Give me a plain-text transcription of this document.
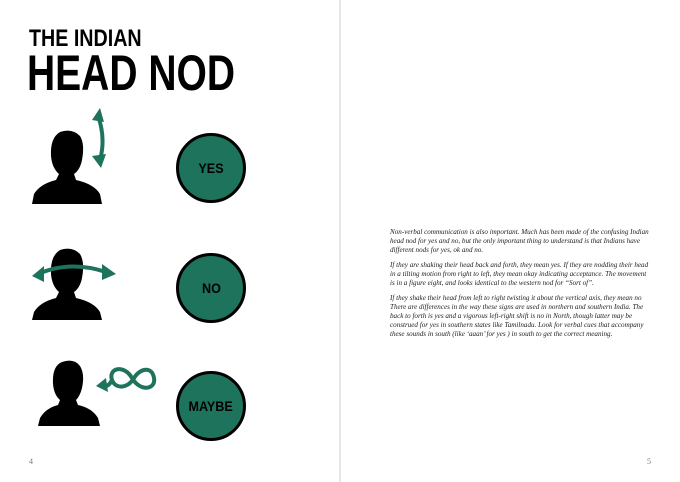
THE INDIAN
HEAD NOD
YES
NO
MAYBE
4

Non-verbal communication is also important. Much has been made of the confusing Indian head nod for yes and no, but the only important thing to understand is that Indians have different nods for yes, ok and no.

If they are shaking their head back and forth, they mean yes. If they are nodding their head in a tilting motion from right to left, they mean okay indicating acceptance. The movement is in a figure eight, and looks identical to the western nod for “Sort of”.

If they shake their head from left to right twisting it about the vertical axis, they mean no There are differences in the way these signs are used in northern and southern India. The back to forth is yes and a vigorous left-right shift is no in North, though latter may be construed for yes in southern states like Tamilnadu. Look for verbal cues that accompany these sounds in south (like ‘aaan’ for yes ) in south to get the correct meaning.

5
